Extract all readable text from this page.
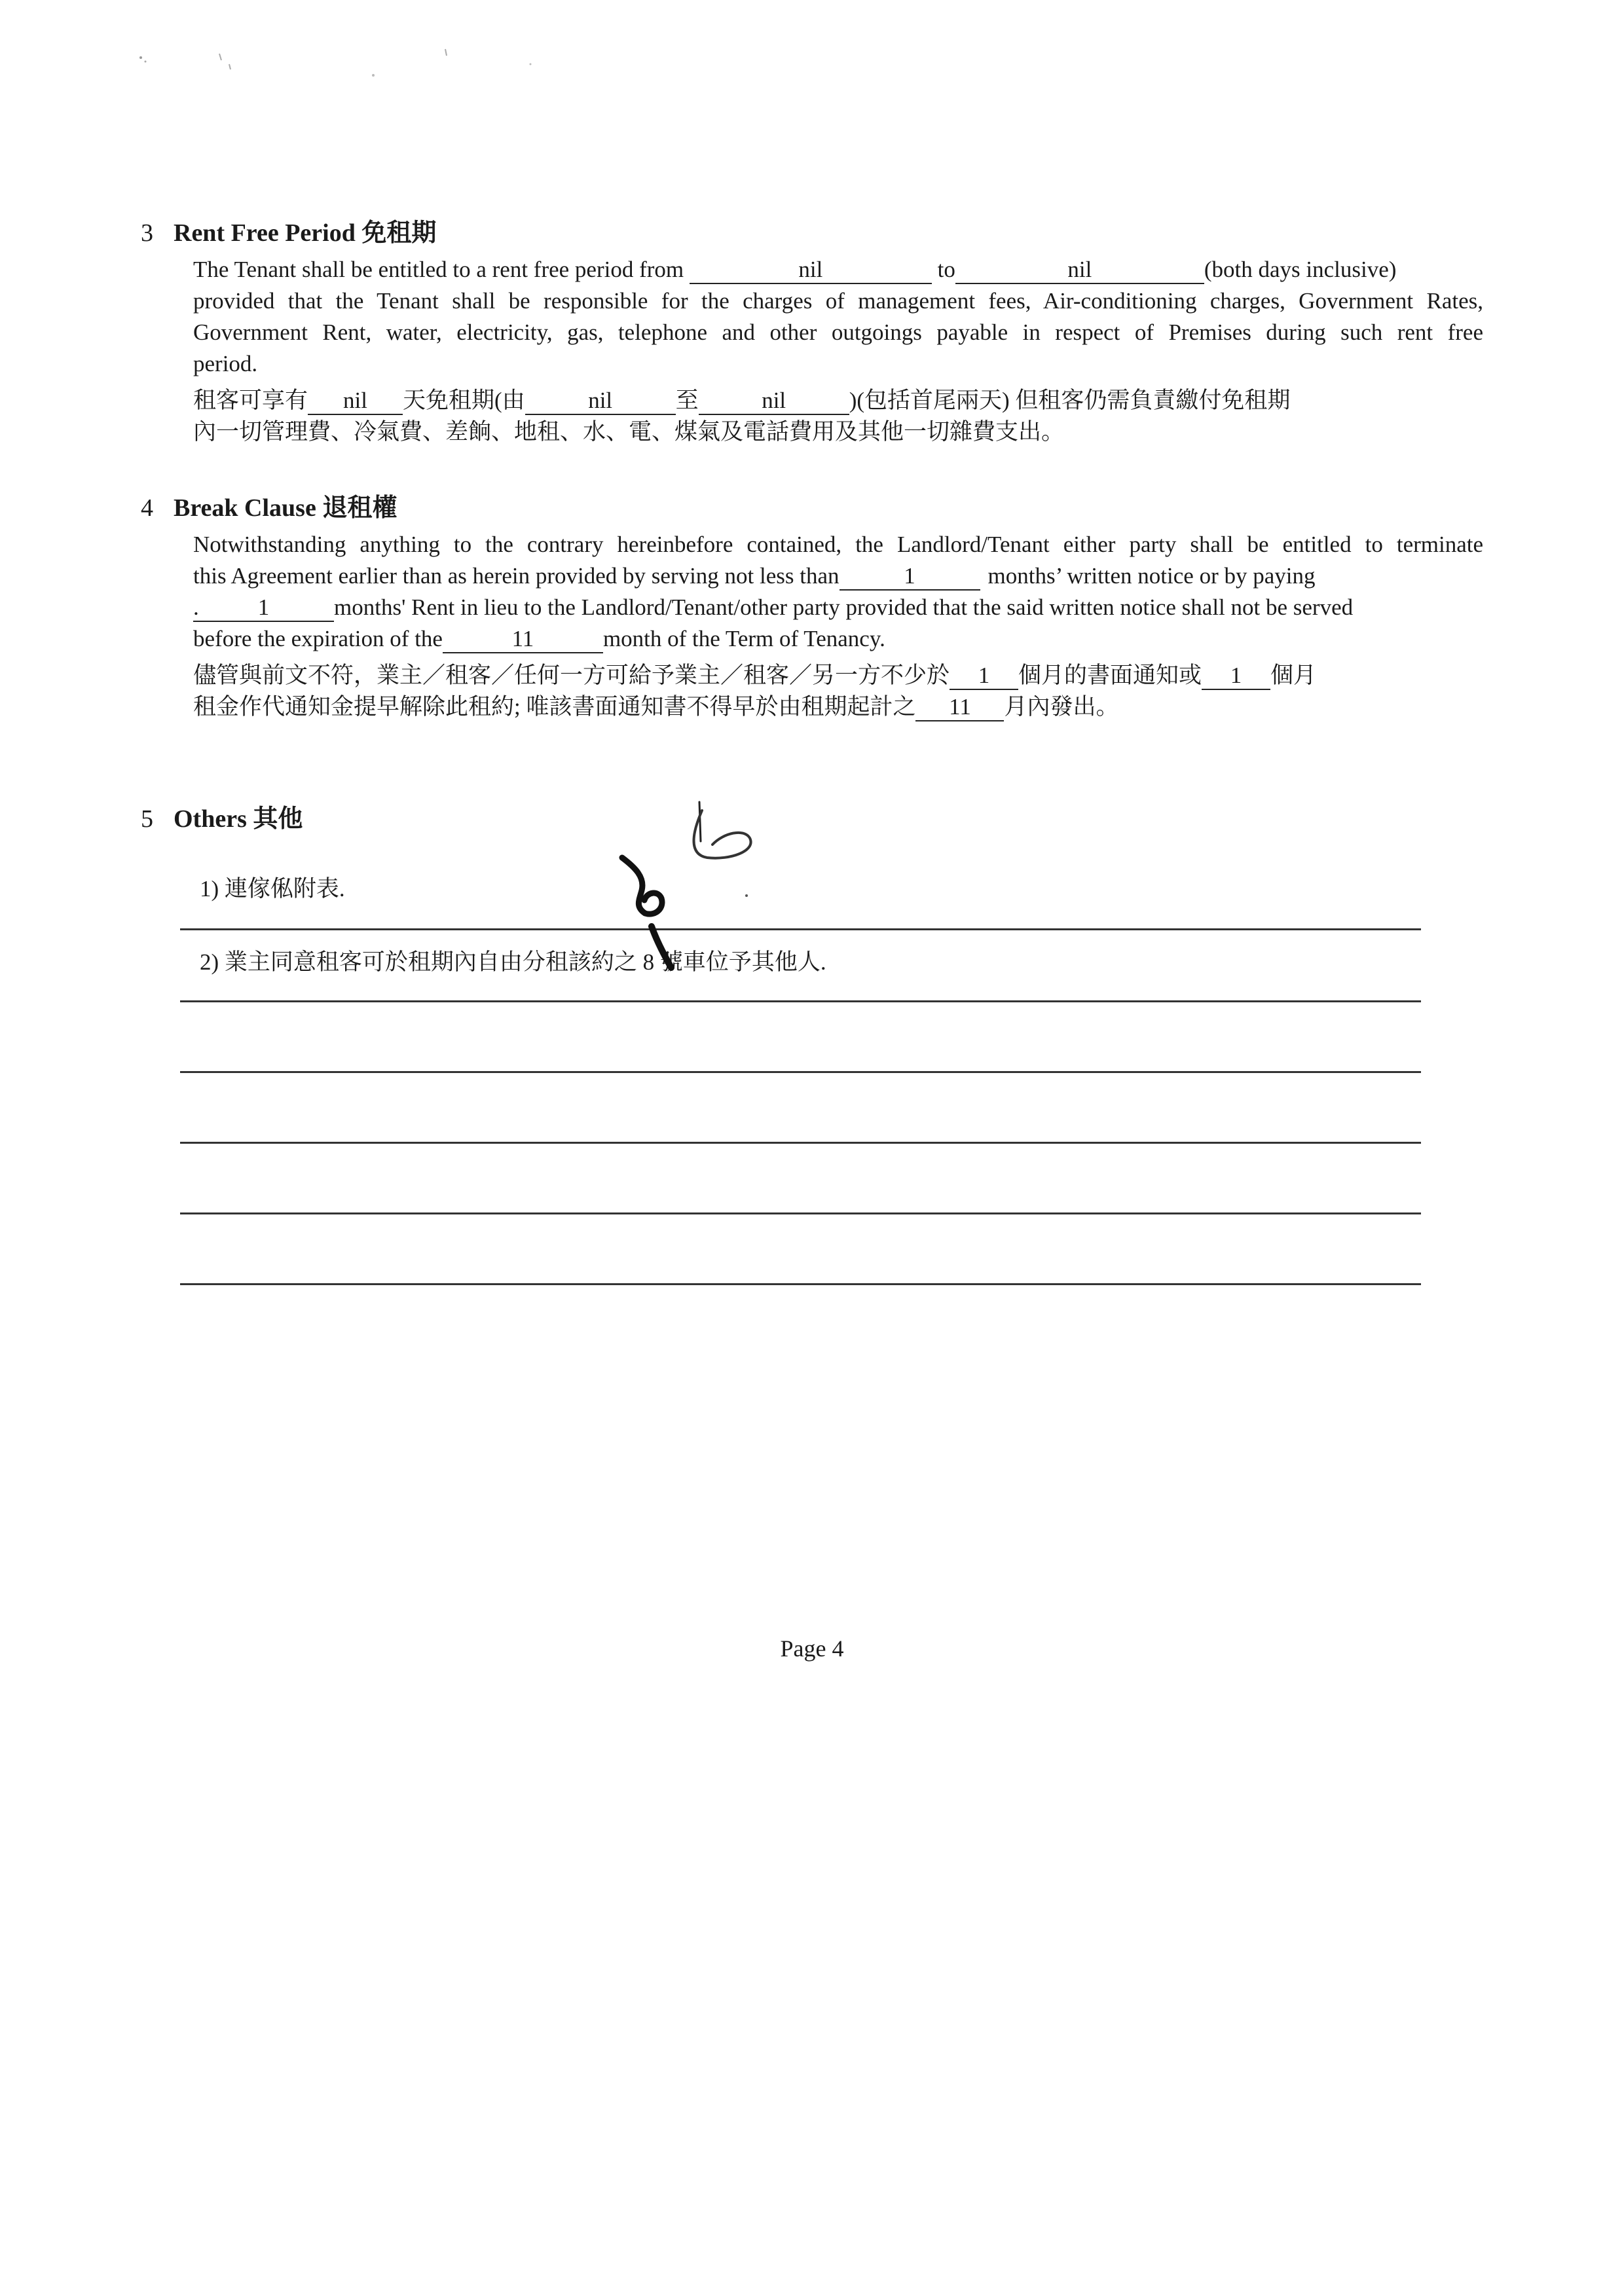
3 Rent Free Period 免租期
The Tenant shall be entitled to a rent free period from	nil	to	nil	(both days inclusive)
provided that the Tenant shall be responsible for the charges of management fees, Air-conditioning charges, Government Rates,
Government Rent, water, electricity, gas, telephone and other outgoings payable in respect of Premises during such rent free
period.
租客可享有 nil 天免租期(由	nil	至	nil	)(包括首尾兩天) 但租客仍需負責繳付免租期
內一切管理費、冷氣費、差餉、地租、水、電、煤氣及電話費用及其他一切雜費支出。
4 Break Clause 退租權
Notwithstanding anything to the contrary hereinbefore contained, the Landlord/Tenant either party shall be entitled to terminate
this Agreement earlier than as herein provided by serving not less than	1	months’ written notice or by paying
.	1	months' Rent in lieu to the Landlord/Tenant/other party provided that the said written notice shall not be served
before the expiration of the	11	month of the Term of Tenancy.
儘管與前文不符，業主／租客／任何一方可給予業主／租客／另一方不少於 1 個月的書面通知或 1 個月
租金作代通知金提早解除此租約; 唯該書面通知書不得早於由租期起計之 11 月內發出。
5 Others 其他
1) 連傢俬附表.
2) 業主同意租客可於租期內自由分租該約之 8 號車位予其他人.
Page 4
